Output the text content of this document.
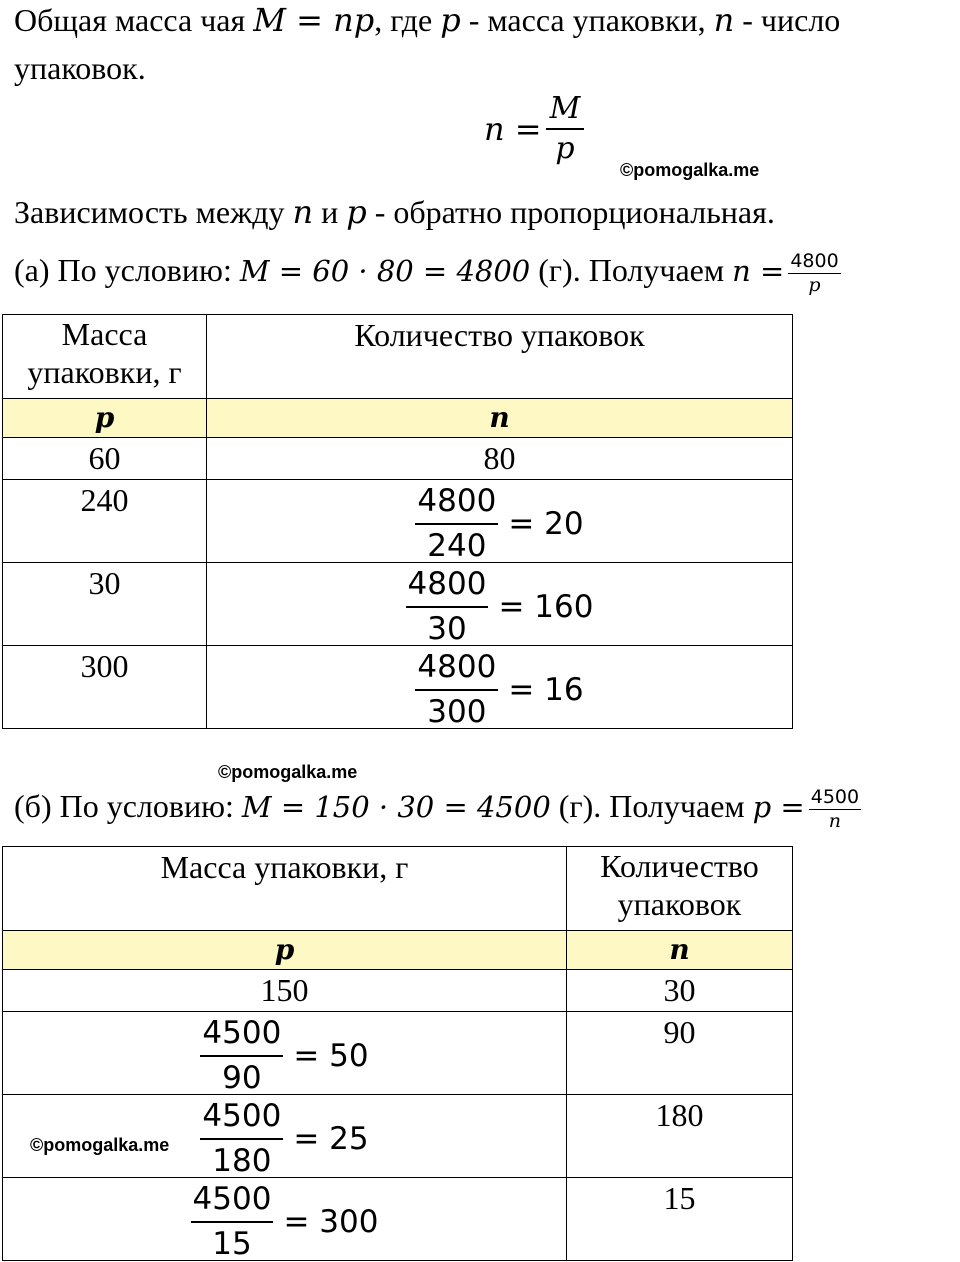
Общая масса чая M = np, где p - масса упаковки, n - число
упаковок.
$n = \frac{M}{p}$
©pomogalka.me
Зависимость между n и p - обратно пропорциональная.
(а) По условию: M = 60 · 80 = 4800 (г). Получаем $n = \frac{4800}{p}$
Масса упаковки, г	Количество упаковок
p	n
60	80
240	$\frac{4800}{240} = 20$

30	$\frac{4800}{30} = 160$

300	$\frac{4800}{300} = 16$
©pomogalka.me
(б) По условию: M = 150 · 30 = 4500 (г). Получаем $p = \frac{4500}{n}$
Масса упаковки, г	Количество упаковок
p	n
150	30

$\frac{4500}{90} = 50$	90

$\frac{4500}{180} = 25$	180

$\frac{4500}{15} = 300$	15
©pomogalka.me
